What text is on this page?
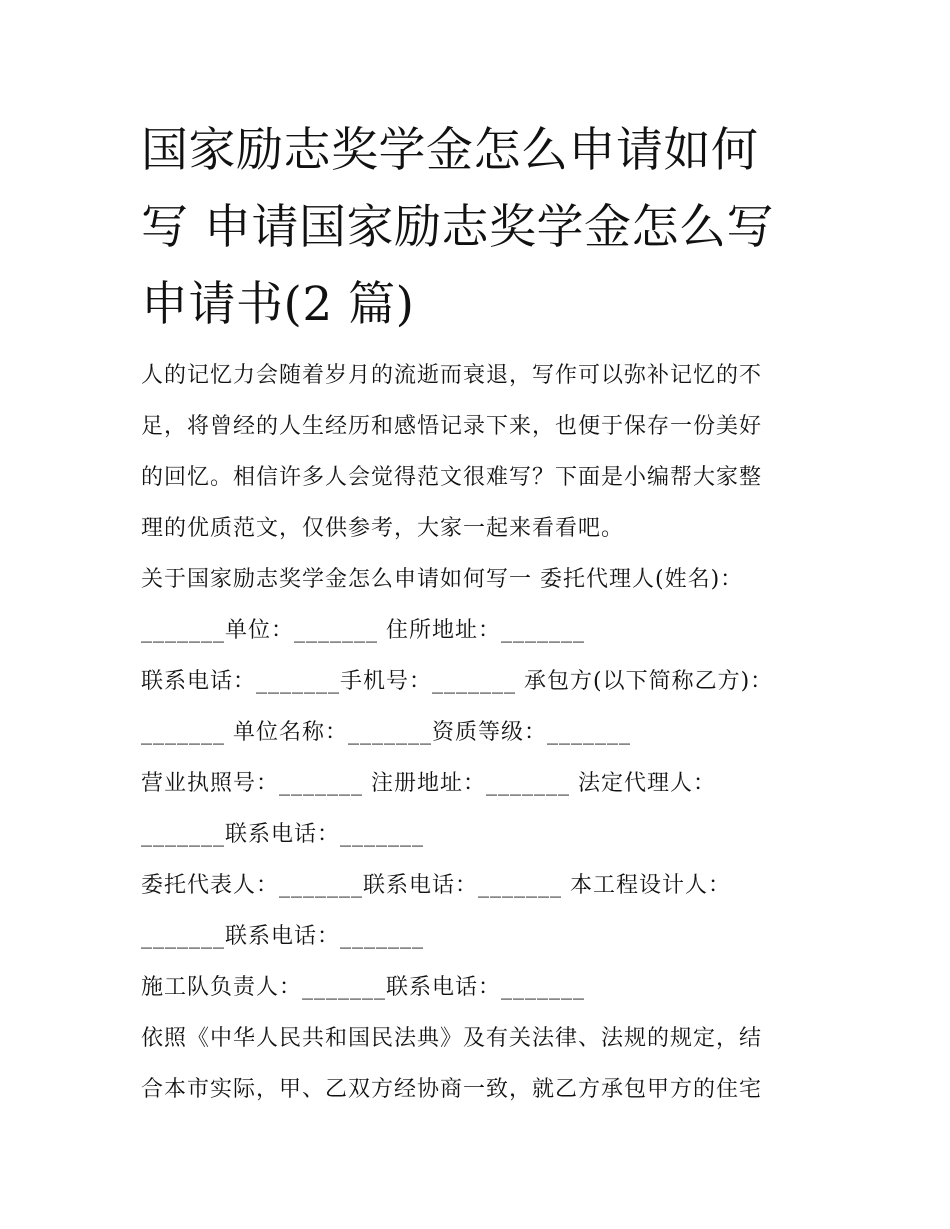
国家励志奖学金怎么申请如何
写 申请国家励志奖学金怎么写
申请书(2 篇)

人的记忆力会随着岁月的流逝而衰退，写作可以弥补记忆的不
足，将曾经的人生经历和感悟记录下来，也便于保存一份美好
的回忆。相信许多人会觉得范文很难写？下面是小编帮大家整
理的优质范文，仅供参考，大家一起来看看吧。

关于国家励志奖学金怎么申请如何写一 委托代理人(姓名)：
_______单位：_______ 住所地址：_______

联系电话：_______手机号：_______ 承包方(以下简称乙方)：
_______ 单位名称：_______资质等级：_______

营业执照号：_______ 注册地址：_______ 法定代理人：
_______联系电话：_______

委托代表人：_______联系电话：_______ 本工程设计人：
_______联系电话：_______

施工队负责人：_______联系电话：_______

依照《中华人民共和国民法典》及有关法律、法规的规定，结
合本市实际，甲、乙双方经协商一致，就乙方承包甲方的住宅
